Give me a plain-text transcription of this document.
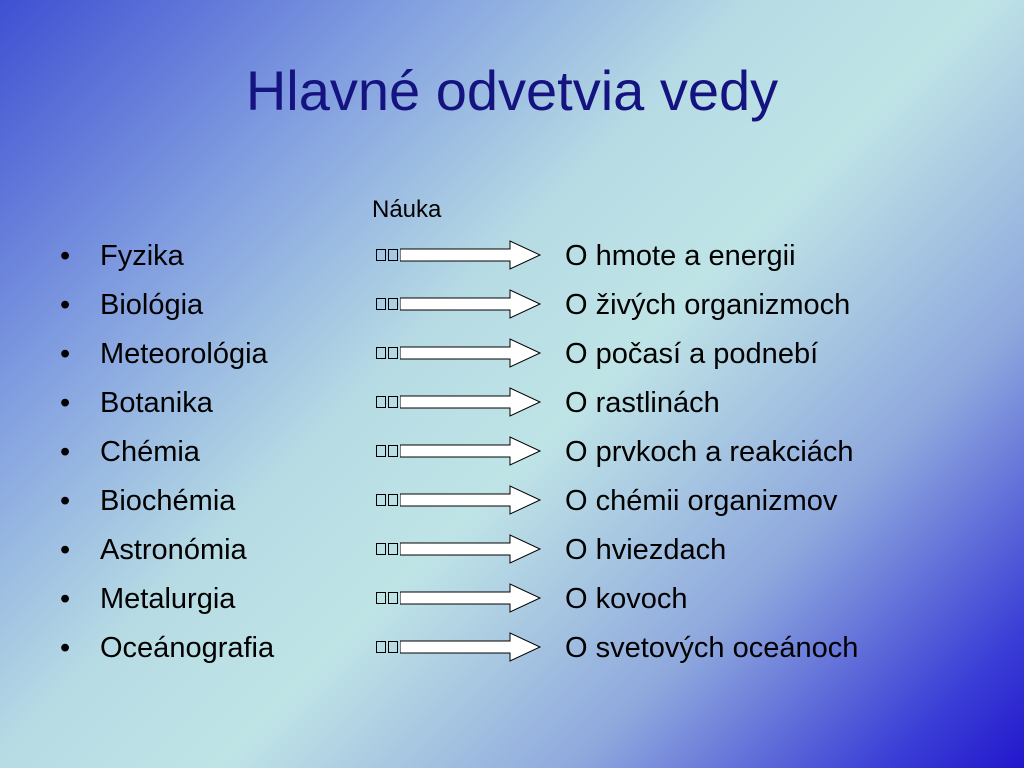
Hlavné odvetvia vedy
Náuka
• Fyzika	O hmote a energii
• Biológia	O živých organizmoch
• Meteorológia	O počasí a podnebí
• Botanika	O rastlinách
• Chémia	O prvkoch a reakciách
• Biochémia	O chémii organizmov
• Astronómia	O hviezdach
• Metalurgia	O kovoch
• Oceánografia	O svetových oceánoch
